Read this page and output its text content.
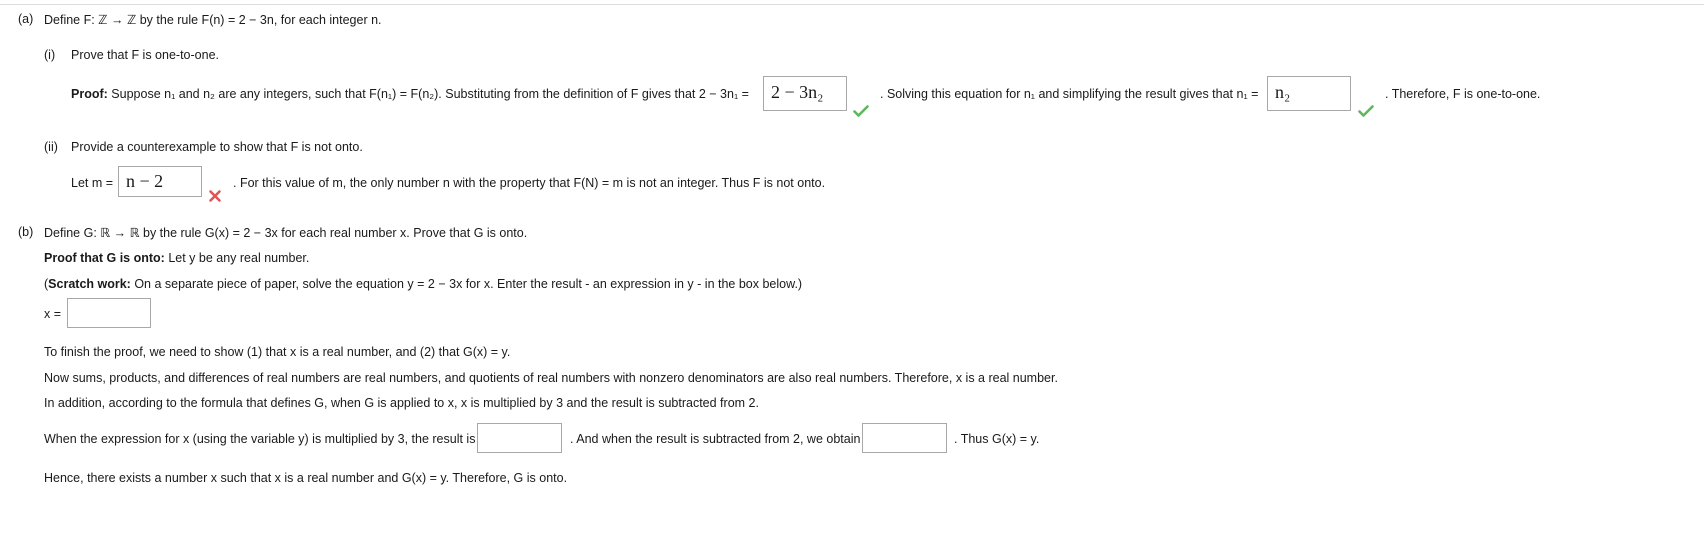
(a) Define F: ℤ → ℤ by the rule F(n) = 2 − 3n, for each integer n.
(i) Prove that F is one-to-one.
Proof: Suppose n₁ and n₂ are any integers, such that F(n₁) = F(n₂). Substituting from the definition of F gives that 2 − 3n₁ =	2 − 3n₂	. Solving this equation for n₁ and simplifying the result gives that n₁ = n₂	. Therefore, F is one-to-one.
(ii) Provide a counterexample to show that F is not onto.
Let m = n − 2	. For this value of m, the only number n with the property that F(N) = m is not an integer. Thus F is not onto.
(b) Define G: ℝ → ℝ by the rule G(x) = 2 − 3x for each real number x. Prove that G is onto.
Proof that G is onto: Let y be any real number.
(Scratch work: On a separate piece of paper, solve the equation y = 2 − 3x for x. Enter the result - an expression in y - in the box below.)
x =
To finish the proof, we need to show (1) that x is a real number, and (2) that G(x) = y.
Now sums, products, and differences of real numbers are real numbers, and quotients of real numbers with nonzero denominators are also real numbers. Therefore, x is a real number.
In addition, according to the formula that defines G, when G is applied to x, x is multiplied by 3 and the result is subtracted from 2.
When the expression for x (using the variable y) is multiplied by 3, the result is	. And when the result is subtracted from 2, we obtain	. Thus G(x) = y.
Hence, there exists a number x such that x is a real number and G(x) = y. Therefore, G is onto.
